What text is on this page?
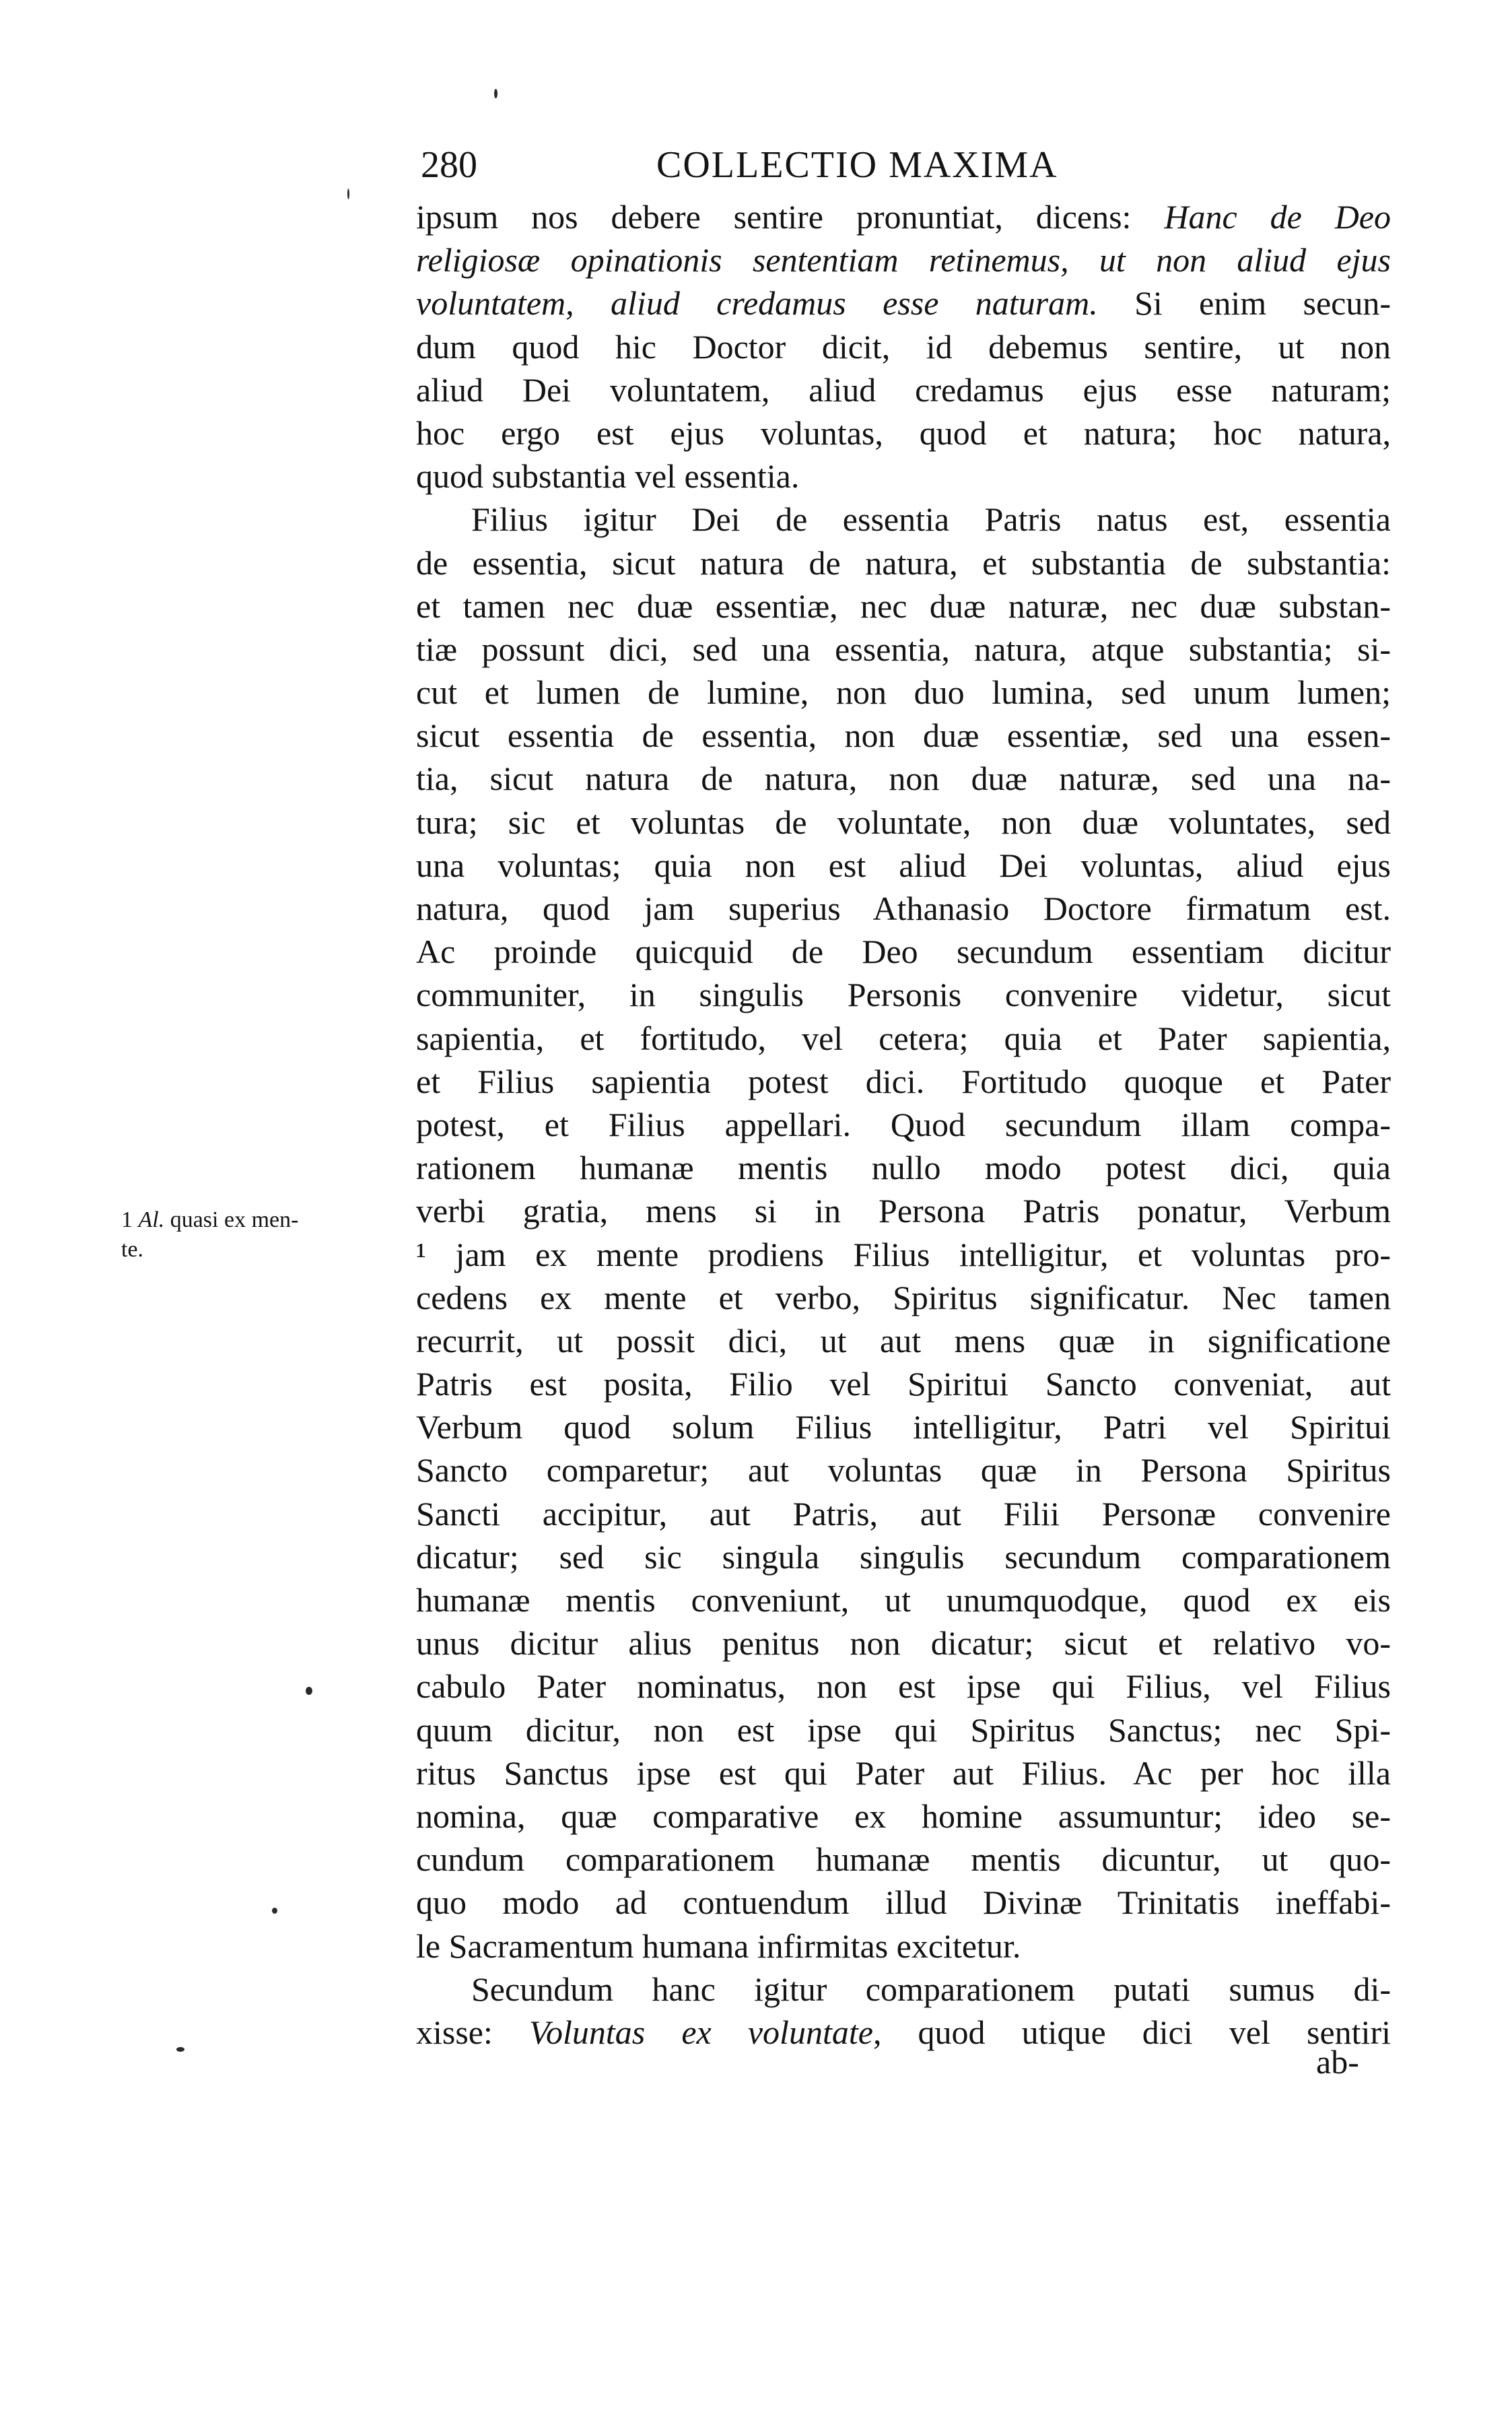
280	COLLECTIO MAXIMA
1 Al. quasi ex men-
te.
ipsum nos debere sentire pronuntiat, dicens: Hanc de Deo
religiosæ opinationis sententiam retinemus, ut non aliud ejus
voluntatem, aliud credamus esse naturam. Si enim secun-
dum quod hic Doctor dicit, id debemus sentire, ut non
aliud Dei voluntatem, aliud credamus ejus esse naturam;
hoc ergo est ejus voluntas, quod et natura; hoc natura,
quod substantia vel essentia.
Filius igitur Dei de essentia Patris natus est, essentia
de essentia, sicut natura de natura, et substantia de substantia:
et tamen nec duæ essentiæ, nec duæ naturæ, nec duæ substan-
tiæ possunt dici, sed una essentia, natura, atque substantia; si-
cut et lumen de lumine, non duo lumina, sed unum lumen;
sicut essentia de essentia, non duæ essentiæ, sed una essen-
tia, sicut natura de natura, non duæ naturæ, sed una na-
tura; sic et voluntas de voluntate, non duæ voluntates, sed
una voluntas; quia non est aliud Dei voluntas, aliud ejus
natura, quod jam superius Athanasio Doctore firmatum est.
Ac proinde quicquid de Deo secundum essentiam dicitur
communiter, in singulis Personis convenire videtur, sicut
sapientia, et fortitudo, vel cetera; quia et Pater sapientia,
et Filius sapientia potest dici. Fortitudo quoque et Pater
potest, et Filius appellari. Quod secundum illam compa-
rationem humanæ mentis nullo modo potest dici, quia
verbi gratia, mens si in Persona Patris ponatur, Verbum
¹ jam ex mente prodiens Filius intelligitur, et voluntas pro-
cedens ex mente et verbo, Spiritus significatur. Nec tamen
recurrit, ut possit dici, ut aut mens quæ in significatione
Patris est posita, Filio vel Spiritui Sancto conveniat, aut
Verbum quod solum Filius intelligitur, Patri vel Spiritui
Sancto comparetur; aut voluntas quæ in Persona Spiritus
Sancti accipitur, aut Patris, aut Filii Personæ convenire
dicatur; sed sic singula singulis secundum comparationem
humanæ mentis conveniunt, ut unumquodque, quod ex eis
unus dicitur alius penitus non dicatur; sicut et relativo vo-
cabulo Pater nominatus, non est ipse qui Filius, vel Filius
quum dicitur, non est ipse qui Spiritus Sanctus; nec Spi-
ritus Sanctus ipse est qui Pater aut Filius. Ac per hoc illa
nomina, quæ comparative ex homine assumuntur; ideo se-
cundum comparationem humanæ mentis dicuntur, ut quo-
quo modo ad contuendum illud Divinæ Trinitatis ineffabi-
le Sacramentum humana infirmitas excitetur.
Secundum hanc igitur comparationem putati sumus di-
xisse: Voluntas ex voluntate, quod utique dici vel sentiri
ab-
